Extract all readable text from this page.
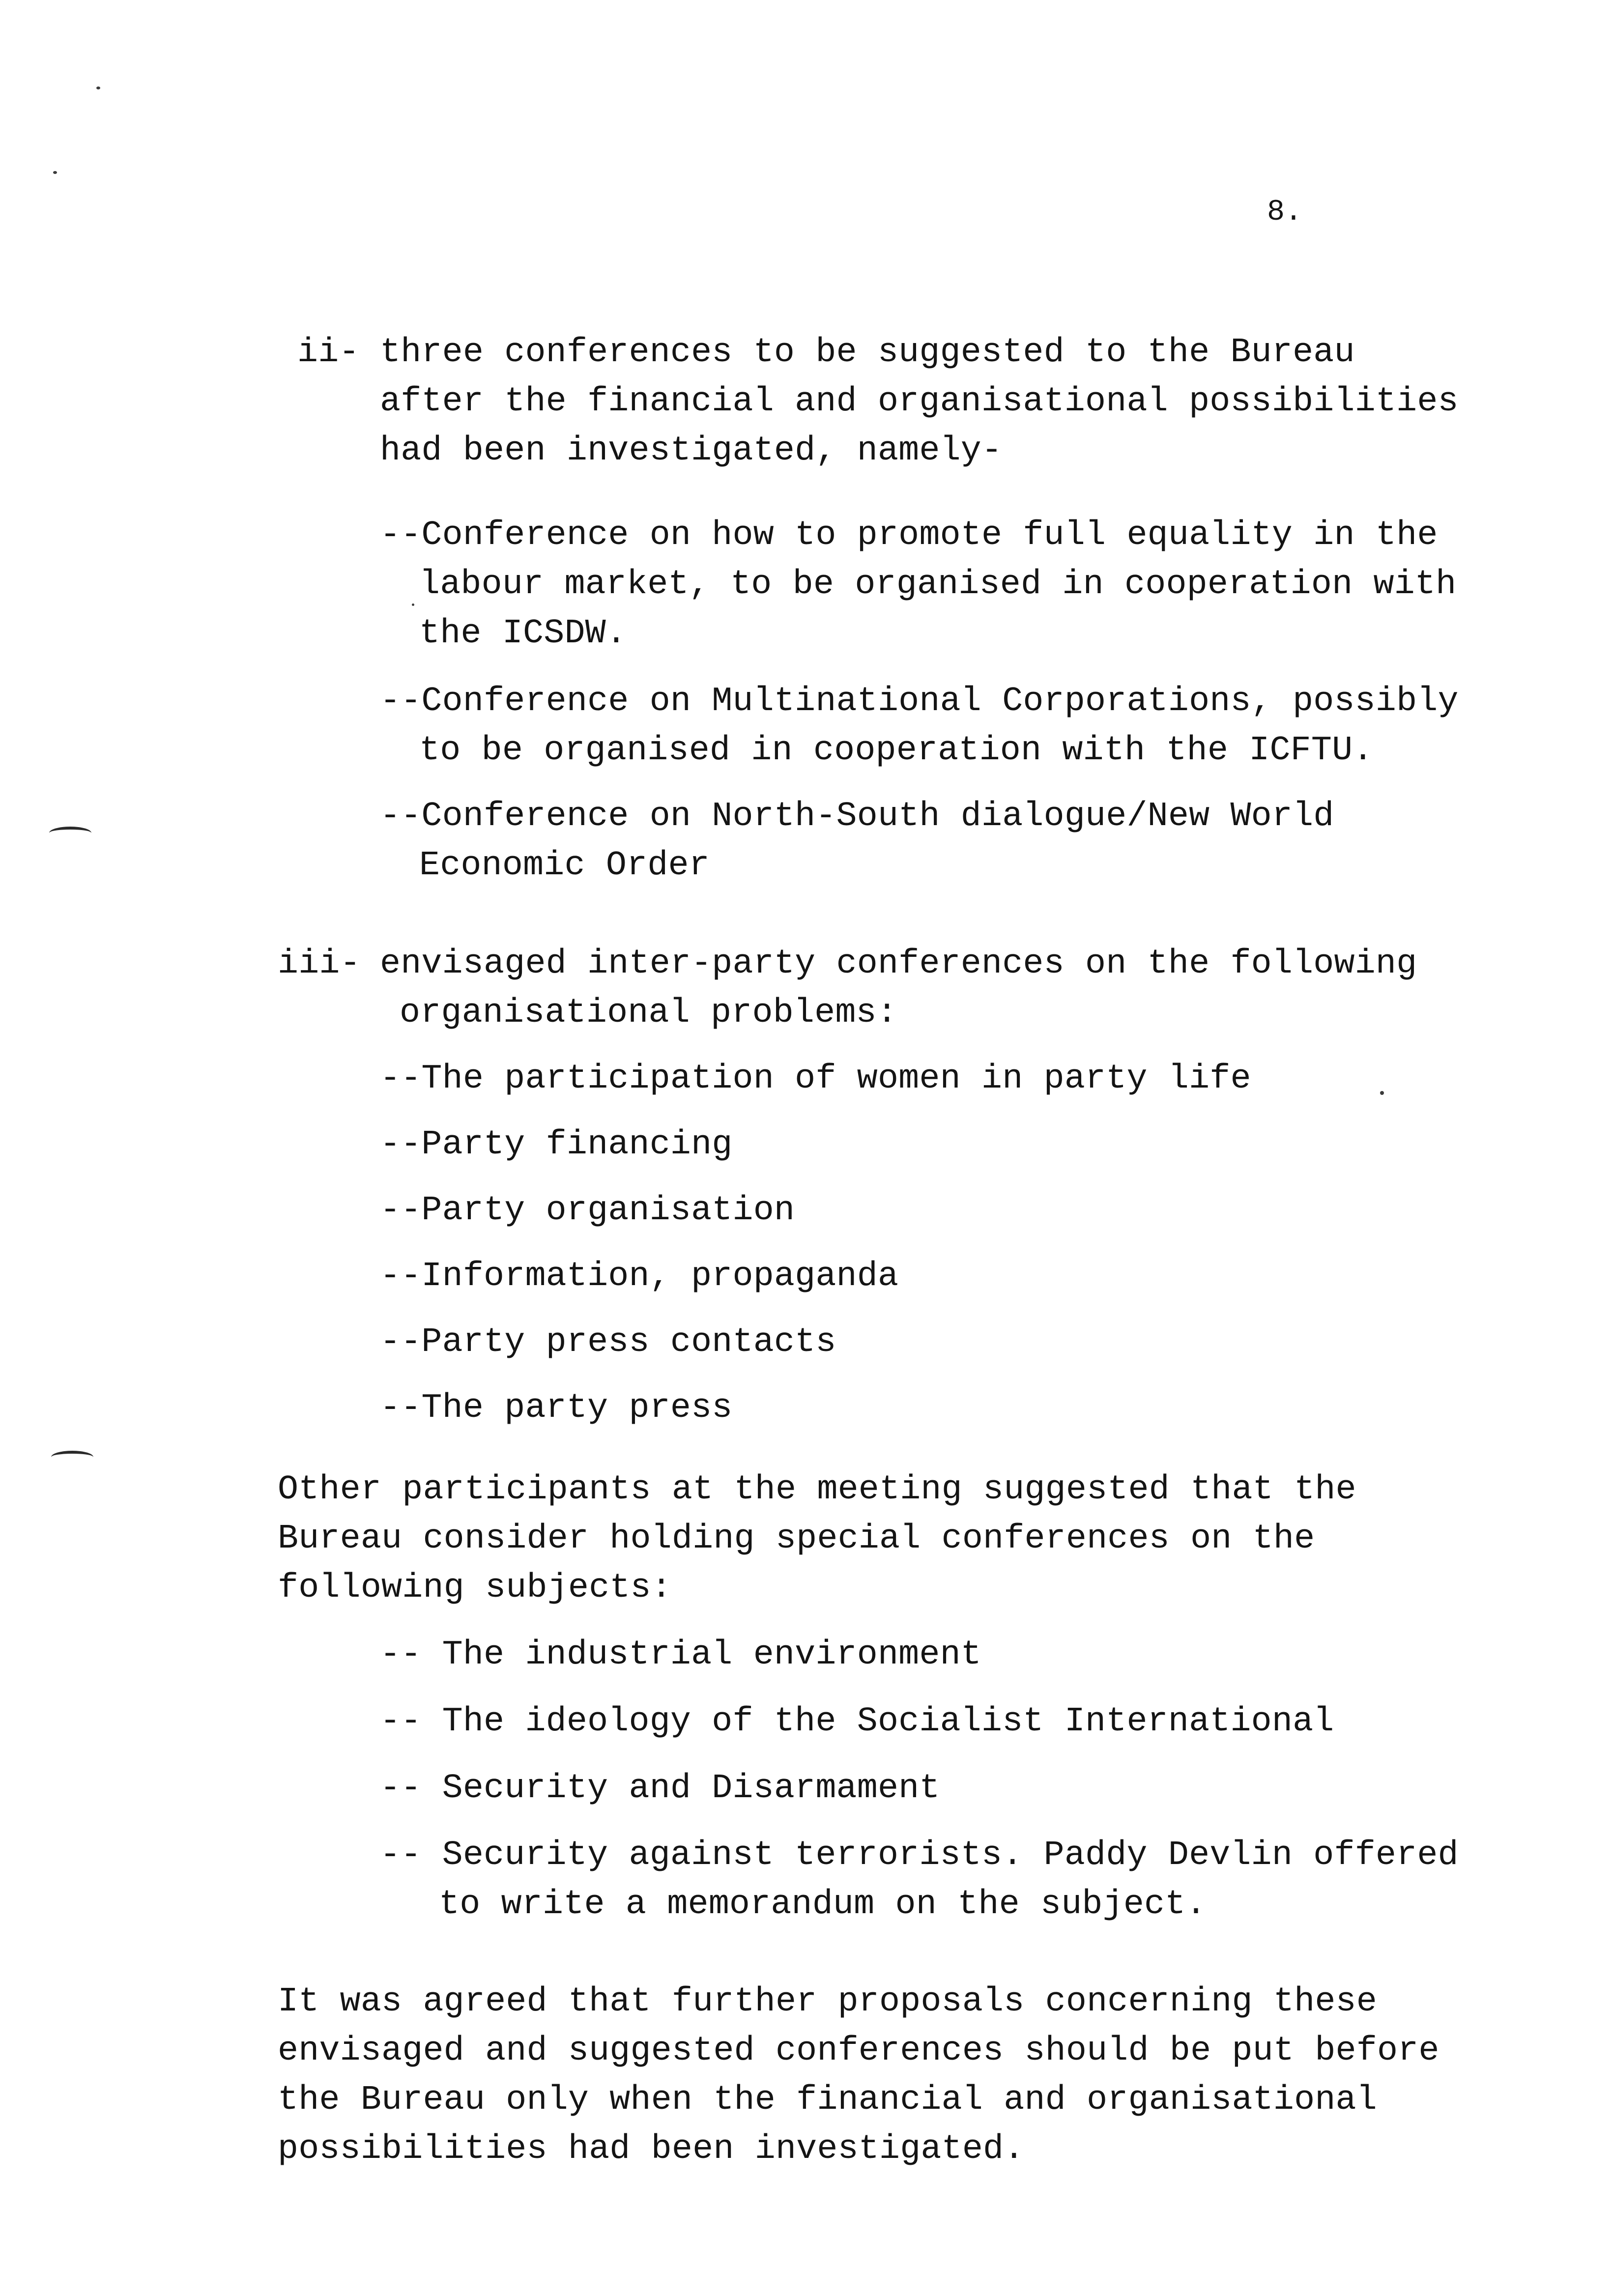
8.
ii- three conferences to be suggested to the Bureau
after the financial and organisational possibilities
had been investigated, namely-
--Conference on how to promote full equality in the
labour market, to be organised in cooperation with
the ICSDW.
--Conference on Multinational Corporations, possibly
to be organised in cooperation with the ICFTU.
--Conference on North-South dialogue/New World
Economic Order
iii- envisaged inter-party conferences on the following
organisational problems:
--The participation of women in party life
--Party financing
--Party organisation
--Information, propaganda
--Party press contacts
--The party press
Other participants at the meeting suggested that the
Bureau consider holding special conferences on the
following subjects:
-- The industrial environment
-- The ideology of the Socialist International
-- Security and Disarmament
-- Security against terrorists. Paddy Devlin offered
to write a memorandum on the subject.
It was agreed that further proposals concerning these
envisaged and suggested conferences should be put before
the Bureau only when the financial and organisational
possibilities had been investigated.
